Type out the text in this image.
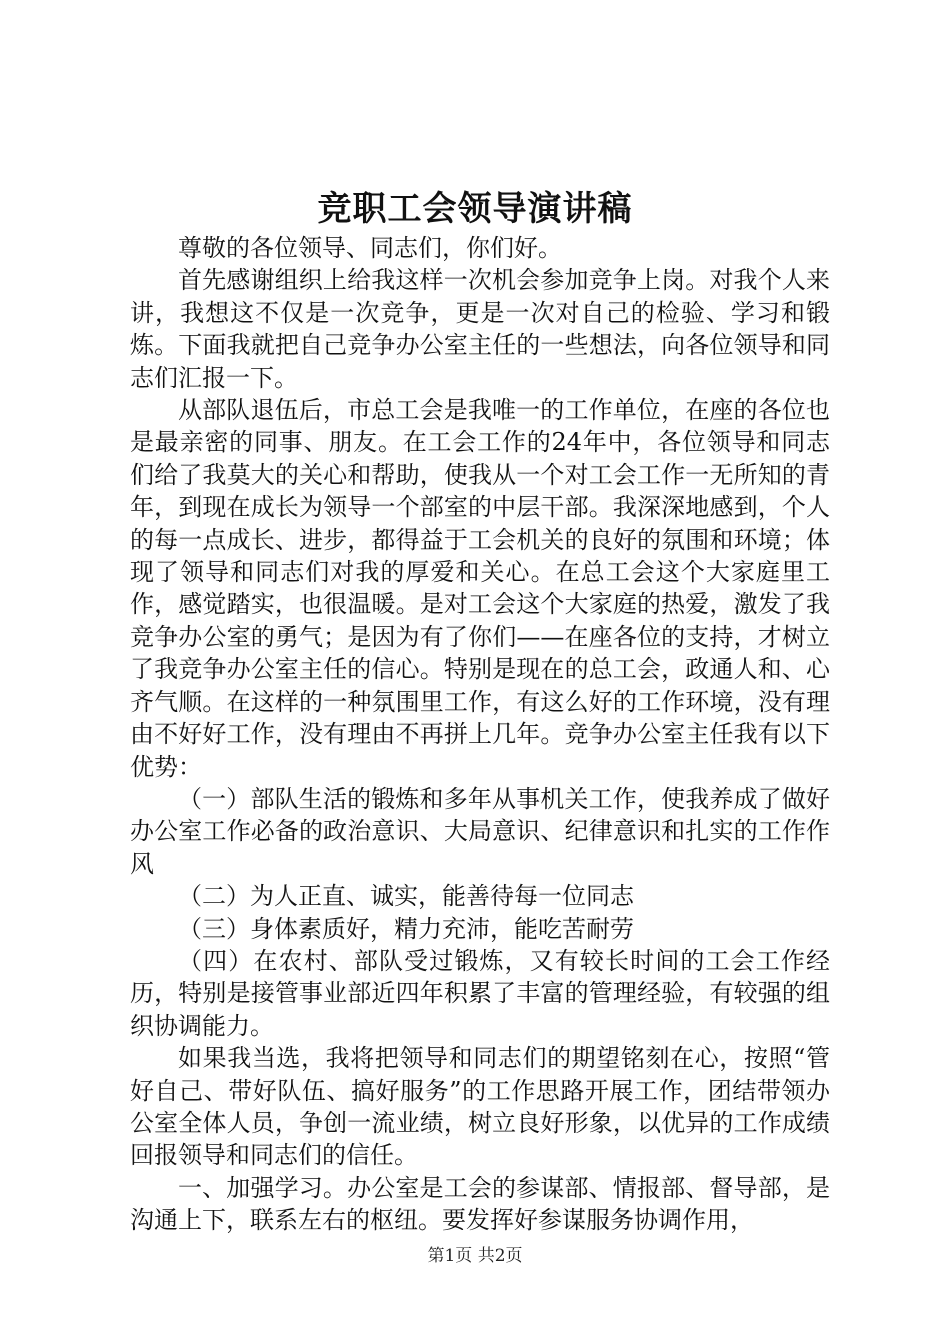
竞职工会领导演讲稿

尊敬的各位领导、同志们，你们好。

首先感谢组织上给我这样一次机会参加竞争上岗。对我个人来讲，我想这不仅是一次竞争，更是一次对自己的检验、学习和锻炼。下面我就把自己竞争办公室主任的一些想法，向各位领导和同志们汇报一下。

从部队退伍后，市总工会是我唯一的工作单位，在座的各位也是最亲密的同事、朋友。在工会工作的24年中，各位领导和同志们给了我莫大的关心和帮助，使我从一个对工会工作一无所知的青年，到现在成长为领导一个部室的中层干部。我深深地感到，个人的每一点成长、进步，都得益于工会机关的良好的氛围和环境；体现了领导和同志们对我的厚爱和关心。在总工会这个大家庭里工作，感觉踏实，也很温暖。是对工会这个大家庭的热爱，激发了我竞争办公室的勇气；是因为有了你们——在座各位的支持，才树立了我竞争办公室主任的信心。特别是现在的总工会，政通人和、心齐气顺。在这样的一种氛围里工作，有这么好的工作环境，没有理由不好好工作，没有理由不再拼上几年。竞争办公室主任我有以下优势：

（一）部队生活的锻炼和多年从事机关工作，使我养成了做好办公室工作必备的政治意识、大局意识、纪律意识和扎实的工作作风

（二）为人正直、诚实，能善待每一位同志

（三）身体素质好，精力充沛，能吃苦耐劳

（四）在农村、部队受过锻炼，又有较长时间的工会工作经历，特别是接管事业部近四年积累了丰富的管理经验，有较强的组织协调能力。

如果我当选，我将把领导和同志们的期望铭刻在心，按照“管好自己、带好队伍、搞好服务”的工作思路开展工作，团结带领办公室全体人员，争创一流业绩，树立良好形象，以优异的工作成绩回报领导和同志们的信任。

一、加强学习。办公室是工会的参谋部、情报部、督导部，是沟通上下，联系左右的枢纽。要发挥好参谋服务协调作用，

第1页 共2页
